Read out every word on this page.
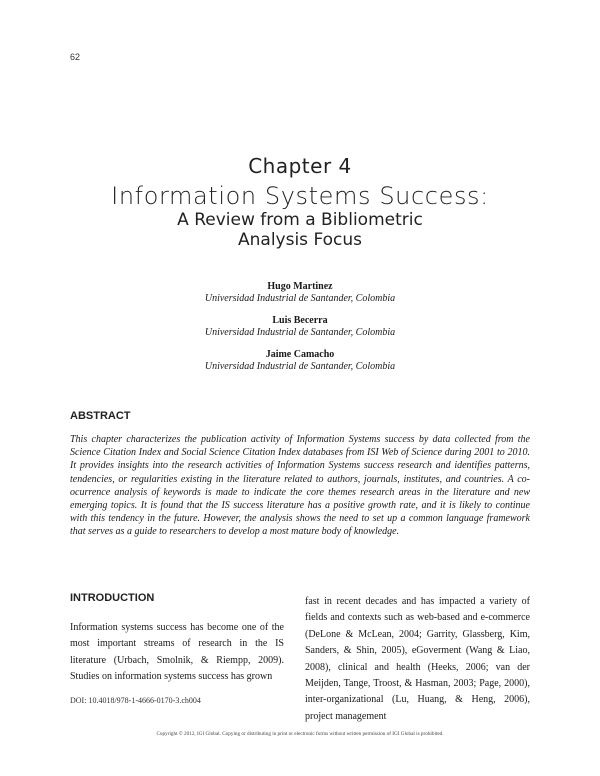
62
Chapter 4
Information Systems Success:
A Review from a Bibliometric
Analysis Focus
Hugo Martinez
Universidad Industrial de Santander, Colombia
Luis Becerra
Universidad Industrial de Santander, Colombia
Jaime Camacho
Universidad Industrial de Santander, Colombia
ABSTRACT

This chapter characterizes the publication activity of Information Systems success by data collected from the Science Citation Index and Social Science Citation Index databases from ISI Web of Science during 2001 to 2010. It provides insights into the research activities of Information Systems success research and identifies patterns, tendencies, or regularities existing in the literature related to authors, journals, institutes, and countries. A co-ocurrence analysis of keywords is made to indicate the core themes research areas in the literature and new emerging topics. It is found that the IS success literature has a positive growth rate, and it is likely to continue with this tendency in the future. However, the analysis shows the need to set up a common language framework that serves as a guide to researchers to develop a most mature body of knowledge.

INTRODUCTION

Information systems success has become one of the most important streams of research in the IS literature (Urbach, Smolnik, & Riempp, 2009). Studies on information systems success has grown

fast in recent decades and has impacted a variety of fields and contexts such as web-based and e-commerce (DeLone & McLean, 2004; Garrity, Glassberg, Kim, Sanders, & Shin, 2005), eGoverment (Wang & Liao, 2008), clinical and health (Heeks, 2006; van der Meijden, Tange, Troost, & Hasman, 2003; Page, 2000), inter-organizational (Lu, Huang, & Heng, 2006), project management

DOI: 10.4018/978-1-4666-0170-3.ch004
Copyright © 2012, IGI Global. Copying or distributing in print or electronic forms without written permission of IGI Global is prohibited.
